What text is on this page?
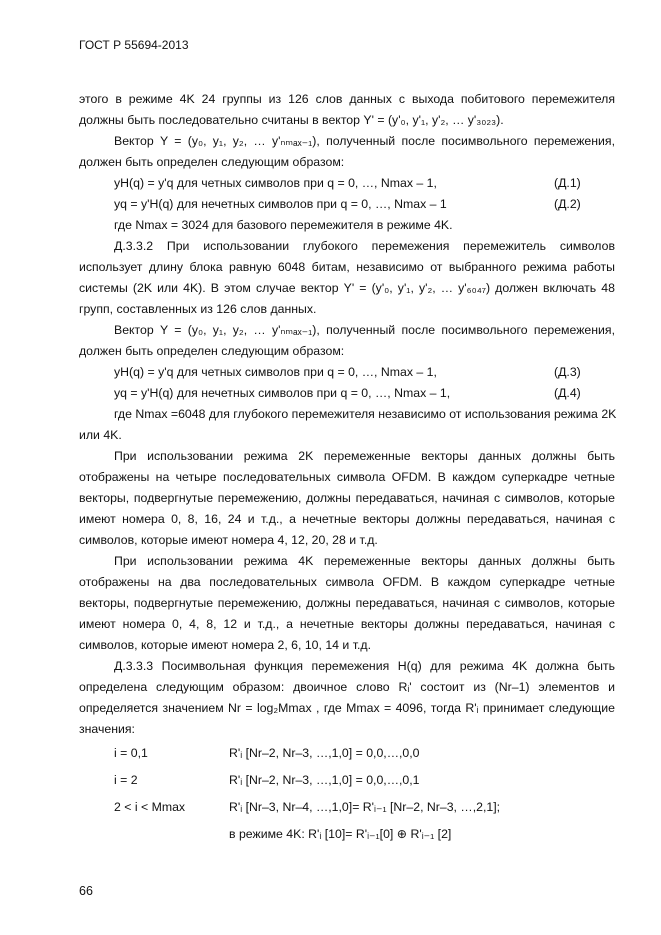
ГОСТ Р 55694-2013
этого в режиме 4K 24 группы из 126 слов данных с выхода побитового перемежителя
должны быть последовательно считаны в вектор Y' = (y'₀, y'₁, y'₂, … y'₃₀₂₃).
Вектор Y = (y₀, y₁, y₂, … y'ₙₘₐₓ₋₁), полученный после посимвольного перемежения,
должен быть определен следующим образом:
yH(q) = y'q для четных символов при q = 0, …, Nmax – 1,	(Д.1)
yq = y'H(q) для нечетных символов при q = 0, …, Nmax – 1	(Д.2)
где Nmax = 3024 для базового перемежителя в режиме 4K.
Д.3.3.2 При использовании глубокого перемежения перемежитель символов
использует длину блока равную 6048 битам, независимо от выбранного режима работы
системы (2K или 4K). В этом случае вектор Y' = (y'₀, y'₁, y'₂, … y'₆₀₄₇) должен включать 48
групп, составленных из 126 слов данных.
Вектор Y = (y₀, y₁, y₂, … y'ₙₘₐₓ₋₁), полученный после посимвольного перемежения,
должен быть определен следующим образом:
yH(q) = y'q для четных символов при q = 0, …, Nmax – 1,	(Д.3)
yq = y'H(q) для нечетных символов при q = 0, …, Nmax – 1,	(Д.4)
где Nmax =6048 для глубокого перемежителя независимо от использования режима 2K
или 4K.
При использовании режима 2K перемеженные векторы данных должны быть
отображены на четыре последовательных символа OFDM. В каждом суперкадре четные
векторы, подвергнутые перемежению, должны передаваться, начиная с символов, которые
имеют номера 0, 8, 16, 24 и т.д., а нечетные векторы должны передаваться, начиная с
символов, которые имеют номера 4, 12, 20, 28 и т.д.
При использовании режима 4K перемеженные векторы данных должны быть
отображены на два последовательных символа OFDM. В каждом суперкадре четные
векторы, подвергнутые перемежению, должны передаваться, начиная с символов, которые
имеют номера 0, 4, 8, 12 и т.д., а нечетные векторы должны передаваться, начиная с
символов, которые имеют номера 2, 6, 10, 14 и т.д.
Д.3.3.3 Посимвольная функция перемежения H(q) для режима 4K должна быть
определена следующим образом: двоичное слово Rᵢ' состоит из (Nr–1) элементов и
определяется значением Nr = log₂Mmax , где Mmax = 4096, тогда R'ᵢ принимает следующие
значения:
i = 0,1	R'ᵢ [Nr–2, Nr–3, …,1,0] = 0,0,…,0,0
i = 2	R'ᵢ [Nr–2, Nr–3, …,1,0] = 0,0,…,0,1
2 < i < Mmax	R'ᵢ [Nr–3, Nr–4, …,1,0]= R'ᵢ₋₁ [Nr–2, Nr–3, …,2,1];
в режиме 4K: R'ᵢ [10]= R'ᵢ₋₁[0] ⊕ R'ᵢ₋₁ [2]
66
